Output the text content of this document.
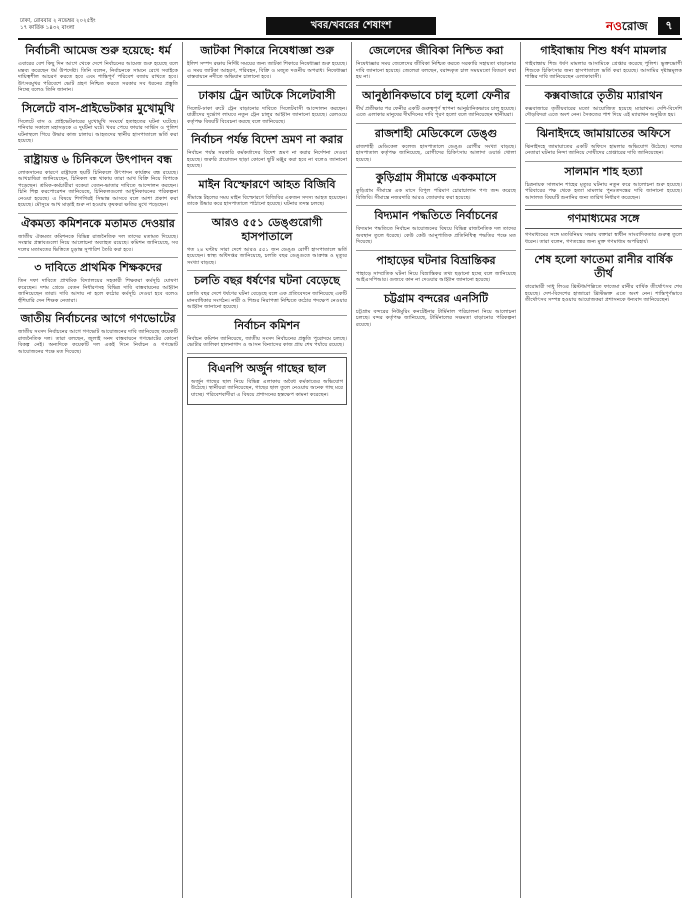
ঢাকা, রোববার ২ নভেম্বর ২০২৫ইং
১৭ কার্তিক ১৪৩২ বাংলা	খবর/খবরের শেষাংশ	নওরোজ	৭
নির্বাচনী আমেজ শুরু হয়েছে: ধর্ম

এবারের বেশ কিছু দিন আগে থেকে দেশে নির্বাচনের আমেজ শুরু হয়েছে বলে মন্তব্য করেছেন ধর্ম উপদেষ্টা। তিনি বলেন, নির্বাচনকে সামনে রেখে সবাইকে দায়িত্বশীল আচরণ করতে হবে এবং শান্তিপূর্ণ পরিবেশ বজায় রাখতে হবে। উৎসবমুখর পরিবেশে ভোট গ্রহণ নিশ্চিত করতে সরকার সব ধরনের প্রস্তুতি নিচ্ছে বলেও তিনি জানান।

সিলেটে বাস-প্রাইভেটকার মুখোমুখি

সিলেটে বাস ও প্রাইভেটকারের মুখোমুখি সংঘর্ষে হতাহতের ঘটনা ঘটেছে। শনিবার সকালে মহাসড়কে এ দুর্ঘটনা ঘটে। খবর পেয়ে ফায়ার সার্ভিস ও পুলিশ ঘটনাস্থলে গিয়ে উদ্ধার কাজ চালায়। আহতদের স্থানীয় হাসপাতালে ভর্তি করা হয়েছে।

রাষ্ট্রায়ত্ত ৬ চিনিকলে উৎপাদন বন্ধ

লোকসানের কারণে রাষ্ট্রায়ত্ত ছয়টি চিনিকলে উৎপাদন কার্যক্রম বন্ধ রয়েছে। আখচাষিরা জানিয়েছেন, চিনিকল বন্ধ থাকায় তারা আখ বিক্রি নিয়ে বিপাকে পড়েছেন। শ্রমিক-কর্মচারীরা বকেয়া বেতন-ভাতার দাবিতে আন্দোলন করছেন। চিনি শিল্প করপোরেশন জানিয়েছে, চিনিকলগুলো আধুনিকায়নের পরিকল্পনা নেওয়া হয়েছে। এ বিষয়ে শিগগিরই সিদ্ধান্ত আসবে বলে আশা প্রকাশ করা হয়েছে। মৌসুমে আখ মাড়াই শুরু না হওয়ায় কৃষকরা ক্ষতির মুখে পড়েছেন।

ঐকমত্য কমিশনকে মতামত দেওয়ার

জাতীয় ঐকমত্য কমিশনকে বিভিন্ন রাজনৈতিক দল তাদের মতামত দিয়েছে। সংস্কার প্রস্তাবগুলো নিয়ে আলোচনা অব্যাহত রয়েছে। কমিশন জানিয়েছে, সব দলের মতামতের ভিত্তিতে চূড়ান্ত সুপারিশ তৈরি করা হবে।

৩ দাবিতে প্রাথমিক শিক্ষকদের

তিন দফা দাবিতে প্রাথমিক বিদ্যালয়ের সহকারী শিক্ষকরা কর্মসূচি ঘোষণা করেছেন। দশম গ্রেডে বেতন নির্ধারণসহ বিভিন্ন দাবি বাস্তবায়নের আহ্বান জানিয়েছেন তারা। দাবি আদায় না হলে কঠোর কর্মসূচি দেওয়া হবে বলেও হুঁশিয়ারি দেন শিক্ষক নেতারা।

জাতীয় নির্বাচনের আগে গণভোটের

জাতীয় সংসদ নির্বাচনের আগে গণভোট আয়োজনের দাবি জানিয়েছে কয়েকটি রাজনৈতিক দল। তারা বলছেন, জুলাই সনদ বাস্তবায়নে গণভোটের কোনো বিকল্প নেই। অন্যদিকে কয়েকটি দল একই দিনে নির্বাচন ও গণভোট আয়োজনের পক্ষে মত দিয়েছে।

জাটকা শিকারে নিষেধাজ্ঞা শুরু

ইলিশ সম্পদ রক্ষায় নির্দিষ্ট সময়ের জন্য জাটকা শিকারে নিষেধাজ্ঞা শুরু হয়েছে। এ সময় জাটকা আহরণ, পরিবহন, বিক্রি ও মজুত দণ্ডনীয় অপরাধ। নিষেধাজ্ঞা বাস্তবায়নে নদীতে অভিযান চালানো হবে।

ঢাকায় ট্রেন আটকে সিলেটবাসী

সিলেট-ঢাকা রুটে ট্রেন বাড়ানোর দাবিতে সিলেটবাসী আন্দোলন করছেন। যাত্রীদের দুর্ভোগ লাঘবে নতুন ট্রেন চালুর আহ্বান জানানো হয়েছে। রেলওয়ে কর্তৃপক্ষ বিষয়টি বিবেচনা করছে বলে জানিয়েছে।

নির্বাচন পর্যন্ত বিদেশ ভ্রমণ না করার

নির্বাচন পর্যন্ত সরকারি কর্মকর্তাদের বিদেশ ভ্রমণ না করার নির্দেশনা দেওয়া হয়েছে। জরুরি প্রয়োজন ছাড়া কোনো ছুটি মঞ্জুর করা হবে না বলেও জানানো হয়েছে।

মাইন বিস্ফোরণে আহত বিজিবি

সীমান্তে টহলের সময় মাইন বিস্ফোরণে বিজিবির একজন সদস্য আহত হয়েছেন। তাকে উদ্ধার করে হাসপাতালে পাঠানো হয়েছে। ঘটনার তদন্ত চলছে।

আরও ৫৫১ ডেঙ্গুরোগী হাসপাতালে

গত ২৪ ঘণ্টায় সারা দেশে আরও ৫৫১ জন ডেঙ্গু রোগী হাসপাতালে ভর্তি হয়েছেন। স্বাস্থ্য অধিদপ্তর জানিয়েছে, চলতি বছর ডেঙ্গুতে আক্রান্ত ও মৃত্যুর সংখ্যা বাড়ছে।

চলতি বছর ধর্ষণের ঘটনা বেড়েছে

চলতি বছর দেশে ধর্ষণের ঘটনা বেড়েছে বলে এক প্রতিবেদনে জানিয়েছে একটি মানবাধিকার সংগঠন। নারী ও শিশুর নিরাপত্তা নিশ্চিতে কঠোর পদক্ষেপ নেওয়ার আহ্বান জানানো হয়েছে।

নির্বাচন কমিশন

নির্বাচন কমিশন জানিয়েছে, জাতীয় সংসদ নির্বাচনের প্রস্তুতি পুরোদমে চলছে। ভোটার তালিকা হালনাগাদ ও আসন বিন্যাসের কাজ প্রায় শেষ পর্যায়ে রয়েছে।

বিএনপি অর্জুন গাছের ছাল

অর্জুন গাছের ছাল নিয়ে বিভিন্ন এলাকায় অবৈধ কর্মকাণ্ডের অভিযোগ উঠেছে। স্থানীয়রা জানিয়েছেন, গাছের ছাল তুলে নেওয়ায় অনেক গাছ মরে যাচ্ছে। পরিবেশবাদীরা এ বিষয়ে প্রশাসনের হস্তক্ষেপ কামনা করেছেন।

জেলেদের জীবিকা নিশ্চিত করা

নিষেধাজ্ঞার সময় জেলেদের জীবিকা নিশ্চিত করতে সরকারি সহায়তা বাড়ানোর দাবি জানানো হয়েছে। জেলেরা বলছেন, বরাদ্দকৃত চাল সময়মতো বিতরণ করা হয় না।

আনুষ্ঠানিকভাবে চালু হলো ফেনীর

দীর্ঘ প্রতীক্ষার পর ফেনীর একটি গুরুত্বপূর্ণ স্থাপনা আনুষ্ঠানিকভাবে চালু হয়েছে। এতে এলাকার মানুষের দীর্ঘদিনের দাবি পূরণ হলো বলে জানিয়েছেন স্থানীয়রা।

রাজশাহী মেডিকেলে ডেঙ্গু

রাজশাহী মেডিকেল কলেজ হাসপাতালে ডেঙ্গু রোগীর সংখ্যা বাড়ছে। হাসপাতাল কর্তৃপক্ষ জানিয়েছে, রোগীদের চিকিৎসায় আলাদা ওয়ার্ড খোলা হয়েছে।

কুড়িগ্রাম সীমান্তে এককমাসে

কুড়িগ্রাম সীমান্তে এক মাসে বিপুল পরিমাণ চোরাচালান পণ্য জব্দ করেছে বিজিবি। সীমান্তে নজরদারি আরও জোরদার করা হয়েছে।

বিদ্যমান পদ্ধতিতে নির্বাচনের

বিদ্যমান পদ্ধতিতে নির্বাচন আয়োজনের বিষয়ে বিভিন্ন রাজনৈতিক দল তাদের অবস্থান তুলে ধরেছে। কেউ কেউ আনুপাতিক প্রতিনিধিত্ব পদ্ধতির পক্ষে মত দিয়েছে।

পাহাড়ের ঘটনার বিভ্রান্তিকর

পাহাড়ে সাম্প্রতিক ঘটনা নিয়ে বিভ্রান্তিকর তথ্য ছড়ানো হচ্ছে বলে জানিয়েছে আইএসপিআর। গুজবে কান না দেওয়ার আহ্বান জানানো হয়েছে।

চট্টগ্রাম বন্দরের এনসিটি

চট্টগ্রাম বন্দরের নিউমুরিং কনটেইনার টার্মিনাল পরিচালনা নিয়ে আলোচনা চলছে। বন্দর কর্তৃপক্ষ জানিয়েছে, টার্মিনালের সক্ষমতা বাড়ানোর পরিকল্পনা রয়েছে।

গাইবান্ধায় শিশু ধর্ষণ মামলার

গাইবান্ধায় শিশু ধর্ষণ মামলার আসামিকে গ্রেপ্তার করেছে পুলিশ। ভুক্তভোগী শিশুকে চিকিৎসার জন্য হাসপাতালে ভর্তি করা হয়েছে। আসামির দৃষ্টান্তমূলক শাস্তির দাবি জানিয়েছেন এলাকাবাসী।

কক্সবাজারে তৃতীয় ম্যারাথন

কক্সবাজারে তৃতীয়বারের মতো আয়োজিত হয়েছে ম্যারাথন। দেশি-বিদেশি দৌড়বিদরা এতে অংশ নেন। সৈকতের পাশ দিয়ে এই ম্যারাথন অনুষ্ঠিত হয়।

ঝিনাইদহে জামায়াতের অফিসে

ঝিনাইদহে জামায়াতের একটি অফিসে হামলার অভিযোগ উঠেছে। দলের নেতারা ঘটনার নিন্দা জানিয়ে দোষীদের গ্রেপ্তারের দাবি জানিয়েছেন।

সালমান শাহ হত্যা

চিত্রনায়ক সালমান শাহের মৃত্যুর ঘটনায় নতুন করে আলোচনা শুরু হয়েছে। পরিবারের পক্ষ থেকে হত্যা মামলার পুনঃতদন্তের দাবি জানানো হয়েছে। আদালত বিষয়টি শুনানির জন্য তারিখ নির্ধারণ করেছেন।

গণমাধ্যমের সঙ্গে

গণমাধ্যমের সঙ্গে মতবিনিময় সভায় বক্তারা স্বাধীন সাংবাদিকতার গুরুত্ব তুলে ধরেন। তারা বলেন, গণতন্ত্রের জন্য মুক্ত গণমাধ্যম অপরিহার্য।

শেষ হলো ফাতেমা রানীর বার্ষিক তীর্থ

বারোমারী সাধু লিওর খ্রিস্টধর্মপল্লিতে ফাতেমা রানীর বার্ষিক তীর্থোৎসব শেষ হয়েছে। দেশ-বিদেশের হাজারো খ্রিস্টভক্ত এতে অংশ নেন। শান্তিপূর্ণভাবে তীর্থোৎসব সম্পন্ন হওয়ায় আয়োজকরা প্রশাসনকে ধন্যবাদ জানিয়েছেন।
